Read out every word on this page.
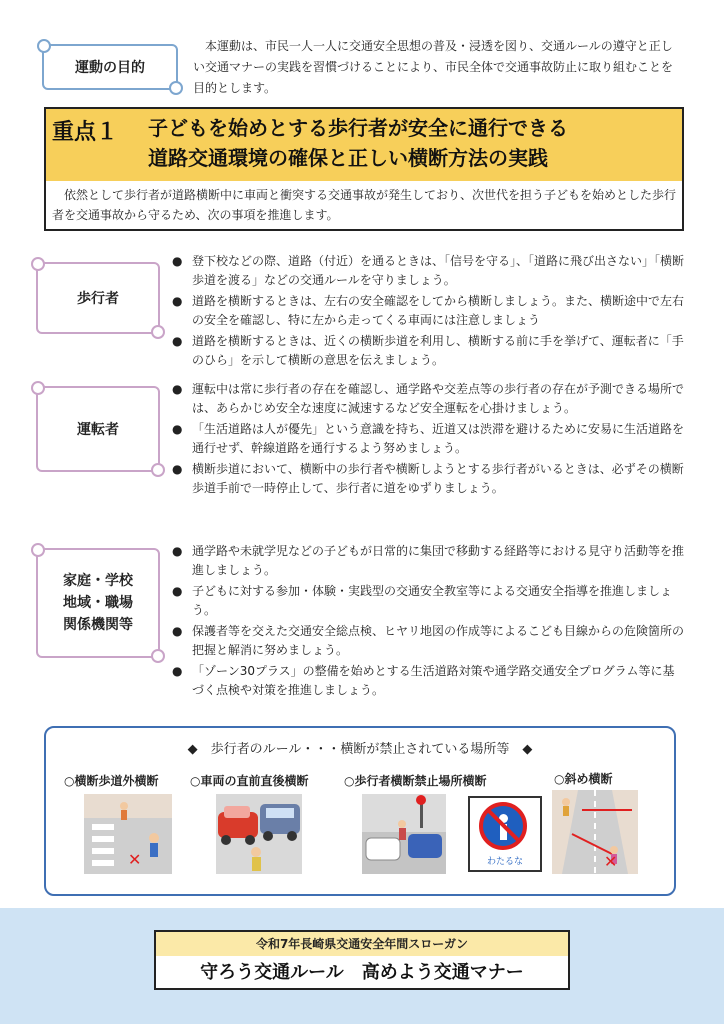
運動の目的
本運動は、市民一人一人に交通安全思想の普及・浸透を図り、交通ルールの遵守と正しい交通マナーの実践を習慣づけることにより、市民全体で交通事故防止に取り組むことを目的とします。
重点１ 子どもを始めとする歩行者が安全に通行できる
道路交通環境の確保と正しい横断方法の実践
依然として歩行者が道路横断中に車両と衝突する交通事故が発生しており、次世代を担う子どもを始めとした歩行者を交通事故から守るため、次の事項を推進します。
歩行者
● 登下校などの際、道路（付近）を通るときは、「信号を守る」、「道路に飛び出さない」「横断歩道を渡る」などの交通ルールを守りましょう。
● 道路を横断するときは、左右の安全確認をしてから横断しましょう。また、横断途中で左右の安全を確認し、特に左から走ってくる車両には注意しましょう
● 道路を横断するときは、近くの横断歩道を利用し、横断する前に手を挙げて、運転者に「手のひら」を示して横断の意思を伝えましょう。
運転者
● 運転中は常に歩行者の存在を確認し、通学路や交差点等の歩行者の存在が予測できる場所では、あらかじめ安全な速度に減速するなど安全運転を心掛けましょう。
● 「生活道路は人が優先」という意識を持ち、近道又は渋滞を避けるために安易に生活道路を通行せず、幹線道路を通行するよう努めましょう。
● 横断歩道において、横断中の歩行者や横断しようとする歩行者がいるときは、必ずその横断歩道手前で一時停止して、歩行者に道をゆずりましょう。
家庭・学校
地域・職場
関係機関等
● 通学路や未就学児などの子どもが日常的に集団で移動する経路等における見守り活動等を推進しましょう。
● 子どもに対する参加・体験・実践型の交通安全教室等による交通安全指導を推進しましょう。
● 保護者等を交えた交通安全総点検、ヒヤリ地図の作成等によるこども目線からの危険箇所の把握と解消に努めましょう。
● 「ゾーン30プラス」の整備を始めとする生活道路対策や通学路交通安全プログラム等に基づく点検や対策を推進しましょう。
◆　歩行者のルール・・・横断が禁止されている場所等　◆
○横断歩道外横断	○車両の直前直後横断	○歩行者横断禁止場所横断	○斜め横断
✕	わたるな	✕
令和7年長崎県交通安全年間スローガン
守ろう交通ルール　高めよう交通マナー
